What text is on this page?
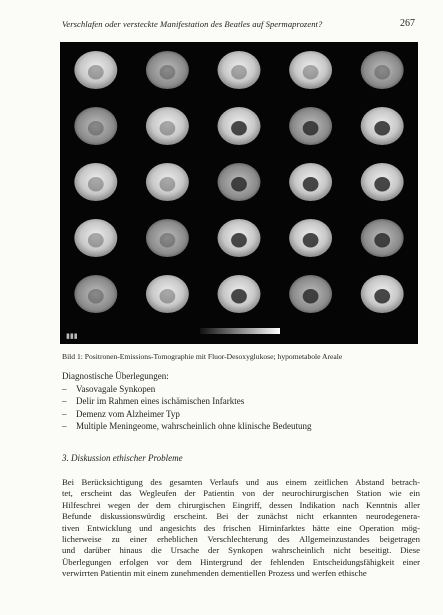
Verschlafen oder versteckte Manifestation des Beatles auf Spermaprozent?	267
▮▮▮
Bild 1: Positronen-Emissions-Tomographie mit Fluor-Desoxyglukose; hypometabole Areale

Diagnostische Überlegungen:

–	Vasovagale Synkopen
–	Delir im Rahmen eines ischämischen Infarktes
–	Demenz vom Alzheimer Typ
–	Multiple Meningeome, wahrscheinlich ohne klinische Bedeutung
3. Diskussion ethischer Probleme
Bei Berücksichtigung des gesamten Verlaufs und aus einem zeitlichen Abstand betrach-
tet, erscheint das Wegleufen der Patientin von der neurochirurgischen Station wie ein
Hilfeschrei wegen der dem chirurgischen Eingriff, dessen Indikation nach Kenntnis aller
Befunde diskussionswürdig erscheint. Bei der zunächst nicht erkannten neurodegenera-
tiven Entwicklung und angesichts des frischen Hirninfarktes hätte eine Operation mög-
licherweise zu einer erheblichen Verschlechterung des Allgemeinzustandes beigetragen
und darüber hinaus die Ursache der Synkopen wahrscheinlich nicht beseitigt. Diese
Überlegungen erfolgen vor dem Hintergrund der fehlenden Entscheidungsfähigkeit einer
verwirrten Patientin mit einem zunehmenden dementiellen Prozess und werfen ethische
